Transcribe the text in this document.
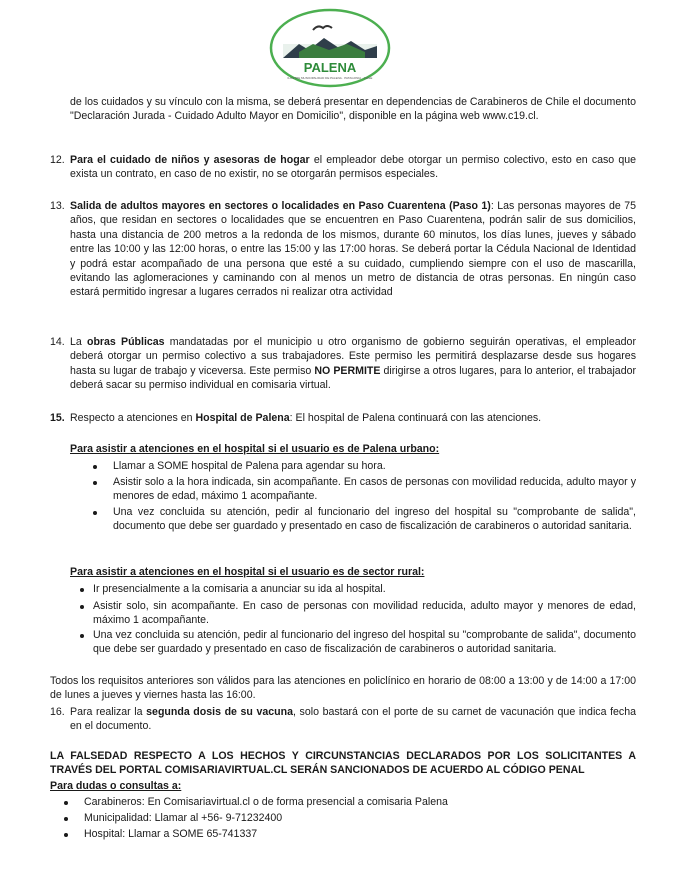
PALENA
ILUSTRE MUNICIPALIDAD DE PALENA · PATAGONIA · CHILE
de los cuidados y su vínculo con la misma, se deberá presentar en dependencias de Carabineros de Chile el documento "Declaración Jurada - Cuidado Adulto Mayor en Domicilio", disponible en la página web www.c19.cl.
12. Para el cuidado de niños y asesoras de hogar el empleador debe otorgar un permiso colectivo, esto en caso que exista un contrato, en caso de no existir, no se otorgarán permisos especiales.
13. Salida de adultos mayores en sectores o localidades en Paso Cuarentena (Paso 1): Las personas mayores de 75 años, que residan en sectores o localidades que se encuentren en Paso Cuarentena, podrán salir de sus domicilios, hasta una distancia de 200 metros a la redonda de los mismos, durante 60 minutos, los días lunes, jueves y sábado entre las 10:00 y las 12:00 horas, o entre las 15:00 y las 17:00 horas. Se deberá portar la Cédula Nacional de Identidad y podrá estar acompañado de una persona que esté a su cuidado, cumpliendo siempre con el uso de mascarilla, evitando las aglomeraciones y caminando con al menos un metro de distancia de otras personas. En ningún caso estará permitido ingresar a lugares cerrados ni realizar otra actividad
14. La obras Públicas mandatadas por el municipio u otro organismo de gobierno seguirán operativas, el empleador deberá otorgar un permiso colectivo a sus trabajadores. Este permiso les permitirá desplazarse desde sus hogares hasta su lugar de trabajo y viceversa. Este permiso NO PERMITE dirigirse a otros lugares, para lo anterior, el trabajador deberá sacar su permiso individual en comisaria virtual.
15. Respecto a atenciones en Hospital de Palena: El hospital de Palena continuará con las atenciones.
Para asistir a atenciones en el hospital si el usuario es de Palena urbano:
Llamar a SOME hospital de Palena para agendar su hora.
Asistir solo a la hora indicada, sin acompañante. En casos de personas con movilidad reducida, adulto mayor y menores de edad, máximo 1 acompañante.
Una vez concluida su atención, pedir al funcionario del ingreso del hospital su "comprobante de salida", documento que debe ser guardado y presentado en caso de fiscalización de carabineros o autoridad sanitaria.
Para asistir a atenciones en el hospital si el usuario es de sector rural:
Ir presencialmente a la comisaria a anunciar su ida al hospital.
Asistir solo, sin acompañante. En caso de personas con movilidad reducida, adulto mayor y menores de edad, máximo 1 acompañante.
Una vez concluida su atención, pedir al funcionario del ingreso del hospital su "comprobante de salida", documento que debe ser guardado y presentado en caso de fiscalización de carabineros o autoridad sanitaria.
Todos los requisitos anteriores son válidos para las atenciones en policlínico en horario de 08:00 a 13:00 y de 14:00 a 17:00 de lunes a jueves y viernes hasta las 16:00.
16. Para realizar la segunda dosis de su vacuna, solo bastará con el porte de su carnet de vacunación que indica fecha en el documento.
LA FALSEDAD RESPECTO A LOS HECHOS Y CIRCUNSTANCIAS DECLARADOS POR LOS SOLICITANTES A TRAVÉS DEL PORTAL COMISARIAVIRTUAL.CL SERÁN SANCIONADOS DE ACUERDO AL CÓDIGO PENAL
Para dudas o consultas a:
Carabineros: En Comisariavirtual.cl o de forma presencial a comisaria Palena
Municipalidad: Llamar al +56- 9-71232400
Hospital: Llamar a SOME 65-741337
